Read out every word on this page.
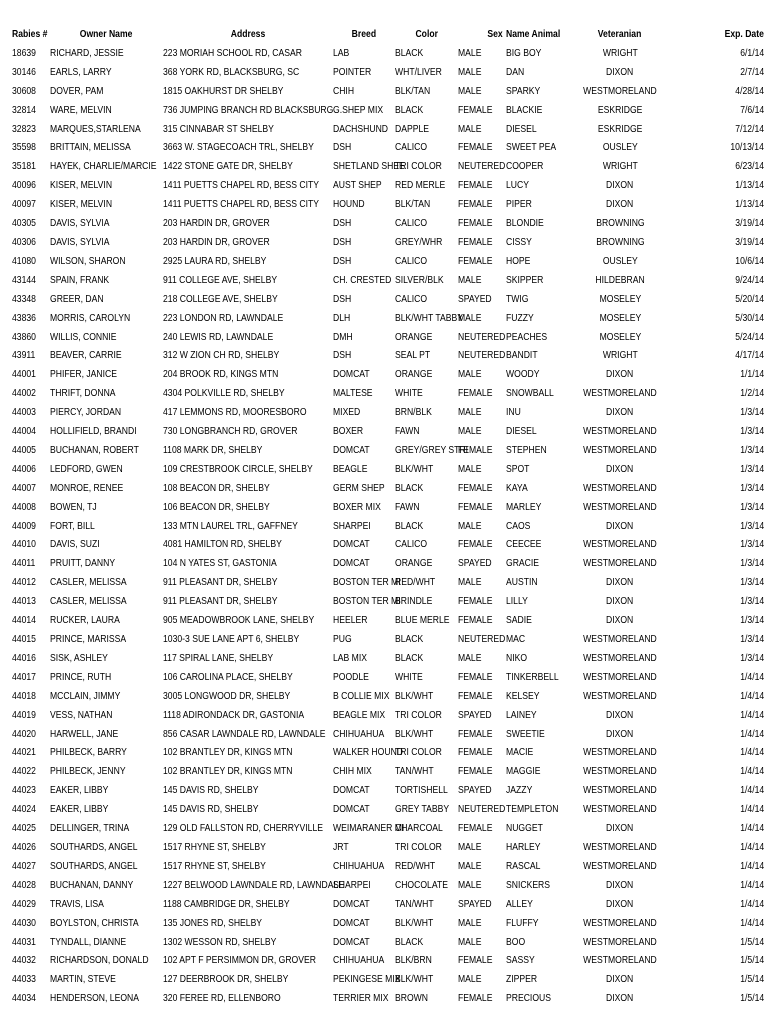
Rabies #	Owner Name	Address	Breed	Color	Sex	Name Animal	Veteranian	Exp. Date
18639	RICHARD, JESSIE	223 MORIAH SCHOOL RD, CASAR	LAB	BLACK	MALE	BIG BOY	WRIGHT	6/1/14
30146	EARLS, LARRY	368 YORK RD, BLACKSBURG, SC	POINTER	WHT/LIVER	MALE	DAN	DIXON	2/7/14
30608	DOVER, PAM	1815 OAKHURST DR SHELBY	CHIH	BLK/TAN	MALE	SPARKY	WESTMORELAND	4/28/14
32814	WARE, MELVIN	736 JUMPING BRANCH RD BLACKSBURG	G.SHEP MIX	BLACK	FEMALE	BLACKIE	ESKRIDGE	7/6/14
32823	MARQUES,STARLENA	315 CINNABAR ST SHELBY	DACHSHUND	DAPPLE	MALE	DIESEL	ESKRIDGE	7/12/14
35598	BRITTAIN, MELISSA	3663 W. STAGECOACH TRL, SHELBY	DSH	CALICO	FEMALE	SWEET PEA	OUSLEY	10/13/14
35181	HAYEK, CHARLIE/MARCIE	1422 STONE GATE DR, SHELBY	SHETLAND SHEE	TRI COLOR	NEUTERED	COOPER	WRIGHT	6/23/14
40096	KISER, MELVIN	1411 PUETTS CHAPEL RD, BESS CITY	AUST SHEP	RED MERLE	FEMALE	LUCY	DIXON	1/13/14
40097	KISER, MELVIN	1411 PUETTS CHAPEL RD, BESS CITY	HOUND	BLK/TAN	FEMALE	PIPER	DIXON	1/13/14
40305	DAVIS, SYLVIA	203 HARDIN DR, GROVER	DSH	CALICO	FEMALE	BLONDIE	BROWNING	3/19/14
40306	DAVIS, SYLVIA	203 HARDIN DR, GROVER	DSH	GREY/WHR	FEMALE	CISSY	BROWNING	3/19/14
41080	WILSON, SHARON	2925 LAURA RD, SHELBY	DSH	CALICO	FEMALE	HOPE	OUSLEY	10/6/14
43144	SPAIN, FRANK	911 COLLEGE AVE, SHELBY	CH. CRESTED	SILVER/BLK	MALE	SKIPPER	HILDEBRAN	9/24/14
43348	GREER, DAN	218 COLLEGE AVE, SHELBY	DSH	CALICO	SPAYED	TWIG	MOSELEY	5/20/14
43836	MORRIS, CAROLYN	223 LONDON RD, LAWNDALE	DLH	BLK/WHT TABBY	MALE	FUZZY	MOSELEY	5/30/14
43860	WILLIS, CONNIE	240 LEWIS RD, LAWNDALE	DMH	ORANGE	NEUTERED	PEACHES	MOSELEY	5/24/14
43911	BEAVER, CARRIE	312 W ZION CH RD, SHELBY	DSH	SEAL PT	NEUTERED	BANDIT	WRIGHT	4/17/14
44001	PHIFER, JANICE	204 BROOK RD, KINGS MTN	DOMCAT	ORANGE	MALE	WOODY	DIXON	1/1/14
44002	THRIFT, DONNA	4304 POLKVILLE RD, SHELBY	MALTESE	WHITE	FEMALE	SNOWBALL	WESTMORELAND	1/2/14
44003	PIERCY, JORDAN	417 LEMMONS RD, MOORESBORO	MIXED	BRN/BLK	MALE	INU	DIXON	1/3/14
44004	HOLLIFIELD, BRANDI	730 LONGBRANCH RD, GROVER	BOXER	FAWN	MALE	DIESEL	WESTMORELAND	1/3/14
44005	BUCHANAN, ROBERT	1108 MARK DR, SHELBY	DOMCAT	GREY/GREY STRI	FEMALE	STEPHEN	WESTMORELAND	1/3/14
44006	LEDFORD, GWEN	109 CRESTBROOK CIRCLE, SHELBY	BEAGLE	BLK/WHT	MALE	SPOT	DIXON	1/3/14
44007	MONROE, RENEE	108 BEACON DR, SHELBY	GERM SHEP	BLACK	FEMALE	KAYA	WESTMORELAND	1/3/14
44008	BOWEN, TJ	106 BEACON DR, SHELBY	BOXER MIX	FAWN	FEMALE	MARLEY	WESTMORELAND	1/3/14
44009	FORT, BILL	133 MTN LAUREL TRL, GAFFNEY	SHARPEI	BLACK	MALE	CAOS	DIXON	1/3/14
44010	DAVIS, SUZI	4081 HAMILTON RD, SHELBY	DOMCAT	CALICO	FEMALE	CEECEE	WESTMORELAND	1/3/14
44011	PRUITT, DANNY	104 N YATES ST, GASTONIA	DOMCAT	ORANGE	SPAYED	GRACIE	WESTMORELAND	1/3/14
44012	CASLER, MELISSA	911 PLEASANT DR, SHELBY	BOSTON TER MI	RED/WHT	MALE	AUSTIN	DIXON	1/3/14
44013	CASLER, MELISSA	911 PLEASANT DR, SHELBY	BOSTON TER MI	BRINDLE	FEMALE	LILLY	DIXON	1/3/14
44014	RUCKER, LAURA	905 MEADOWBROOK LANE, SHELBY	HEELER	BLUE MERLE	FEMALE	SADIE	DIXON	1/3/14
44015	PRINCE, MARISSA	1030-3 SUE LANE APT 6, SHELBY	PUG	BLACK	NEUTERED	MAC	WESTMORELAND	1/3/14
44016	SISK, ASHLEY	117 SPIRAL LANE, SHELBY	LAB MIX	BLACK	MALE	NIKO	WESTMORELAND	1/3/14
44017	PRINCE, RUTH	106 CAROLINA PLACE, SHELBY	POODLE	WHITE	FEMALE	TINKERBELL	WESTMORELAND	1/4/14
44018	MCCLAIN, JIMMY	3005 LONGWOOD DR, SHELBY	B COLLIE MIX	BLK/WHT	FEMALE	KELSEY	WESTMORELAND	1/4/14
44019	VESS, NATHAN	1118 ADIRONDACK DR, GASTONIA	BEAGLE MIX	TRI COLOR	SPAYED	LAINEY	DIXON	1/4/14
44020	HARWELL, JANE	856 CASAR LAWNDALE RD, LAWNDALE	CHIHUAHUA	BLK/WHT	FEMALE	SWEETIE	DIXON	1/4/14
44021	PHILBECK, BARRY	102 BRANTLEY DR, KINGS MTN	WALKER HOUND	TRI COLOR	FEMALE	MACIE	WESTMORELAND	1/4/14
44022	PHILBECK, JENNY	102 BRANTLEY DR, KINGS MTN	CHIH MIX	TAN/WHT	FEMALE	MAGGIE	WESTMORELAND	1/4/14
44023	EAKER, LIBBY	145 DAVIS RD, SHELBY	DOMCAT	TORTISHELL	SPAYED	JAZZY	WESTMORELAND	1/4/14
44024	EAKER, LIBBY	145 DAVIS RD, SHELBY	DOMCAT	GREY TABBY	NEUTERED	TEMPLETON	WESTMORELAND	1/4/14
44025	DELLINGER, TRINA	129 OLD FALLSTON RD, CHERRYVILLE	WEIMARANER MI	CHARCOAL	FEMALE	NUGGET	DIXON	1/4/14
44026	SOUTHARDS, ANGEL	1517 RHYNE ST, SHELBY	JRT	TRI COLOR	MALE	HARLEY	WESTMORELAND	1/4/14
44027	SOUTHARDS, ANGEL	1517 RHYNE ST, SHELBY	CHIHUAHUA	RED/WHT	MALE	RASCAL	WESTMORELAND	1/4/14
44028	BUCHANAN, DANNY	1227 BELWOOD LAWNDALE RD, LAWNDALE	SHARPEI	CHOCOLATE	MALE	SNICKERS	DIXON	1/4/14
44029	TRAVIS, LISA	1188 CAMBRIDGE DR, SHELBY	DOMCAT	TAN/WHT	SPAYED	ALLEY	DIXON	1/4/14
44030	BOYLSTON, CHRISTA	135 JONES RD, SHELBY	DOMCAT	BLK/WHT	MALE	FLUFFY	WESTMORELAND	1/4/14
44031	TYNDALL, DIANNE	1302 WESSON RD, SHELBY	DOMCAT	BLACK	MALE	BOO	WESTMORELAND	1/5/14
44032	RICHARDSON, DONALD	102 APT F PERSIMMON DR, GROVER	CHIHUAHUA	BLK/BRN	FEMALE	SASSY	WESTMORELAND	1/5/14
44033	MARTIN, STEVE	127 DEERBROOK DR, SHELBY	PEKINGESE MIX	BLK/WHT	MALE	ZIPPER	DIXON	1/5/14
44034	HENDERSON, LEONA	320 FEREE RD, ELLENBORO	TERRIER MIX	BROWN	FEMALE	PRECIOUS	DIXON	1/5/14
